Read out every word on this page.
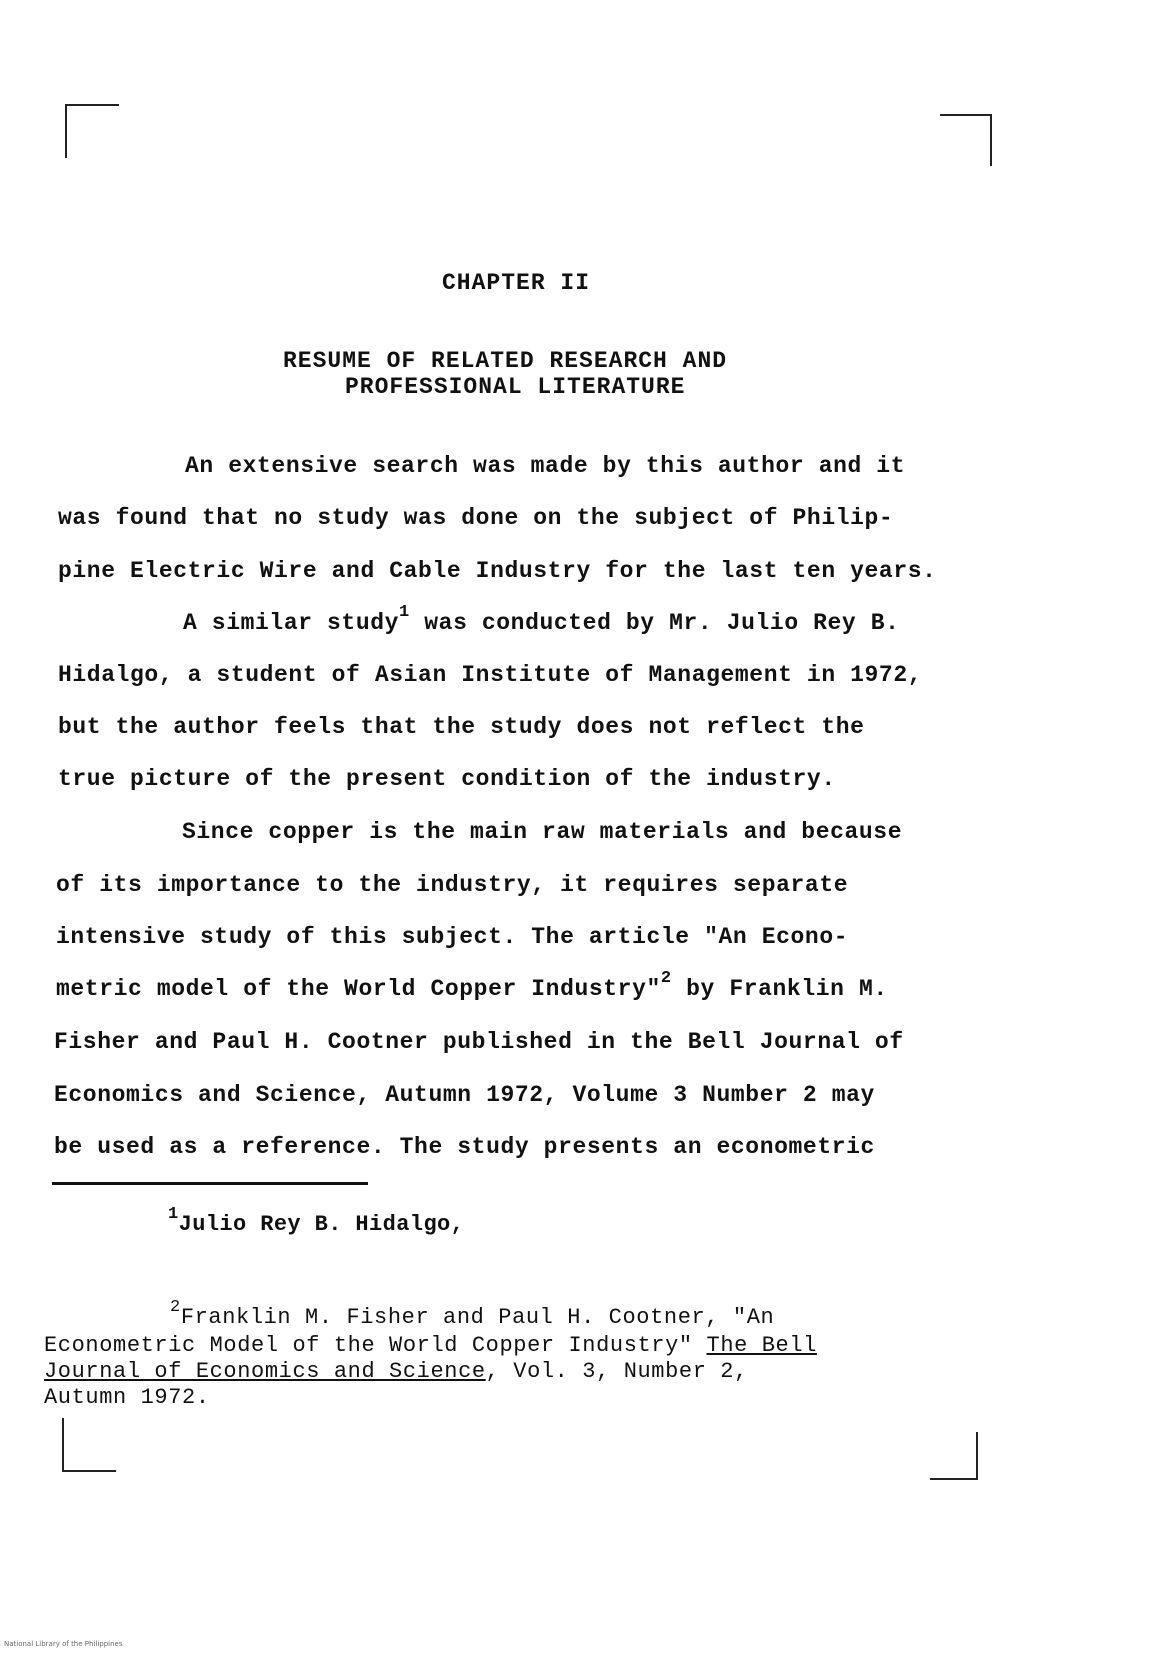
CHAPTER II
RESUME OF RELATED RESEARCH AND
PROFESSIONAL LITERATURE
An extensive search was made by this author and it
was found that no study was done on the subject of Philip-
pine Electric Wire and Cable Industry for the last ten years.
A similar study$^1$ was conducted by Mr. Julio Rey B.
Hidalgo, a student of Asian Institute of Management in 1972,
but the author feels that the study does not reflect the
true picture of the present condition of the industry.
Since copper is the main raw materials and because
of its importance to the industry, it requires separate
intensive study of this subject. The article "An Econo-
metric model of the World Copper Industry"$^2$ by Franklin M.
Fisher and Paul H. Cootner published in the Bell Journal of
Economics and Science, Autumn 1972, Volume 3 Number 2 may
be used as a reference. The study presents an econometric
$^1$Julio Rey B. Hidalgo,
$^2$Franklin M. Fisher and Paul H. Cootner, "An
Econometric Model of the World Copper Industry" The Bell
Journal of Economics and Science, Vol. 3, Number 2,
Autumn 1972.
National Library of the Philippines
